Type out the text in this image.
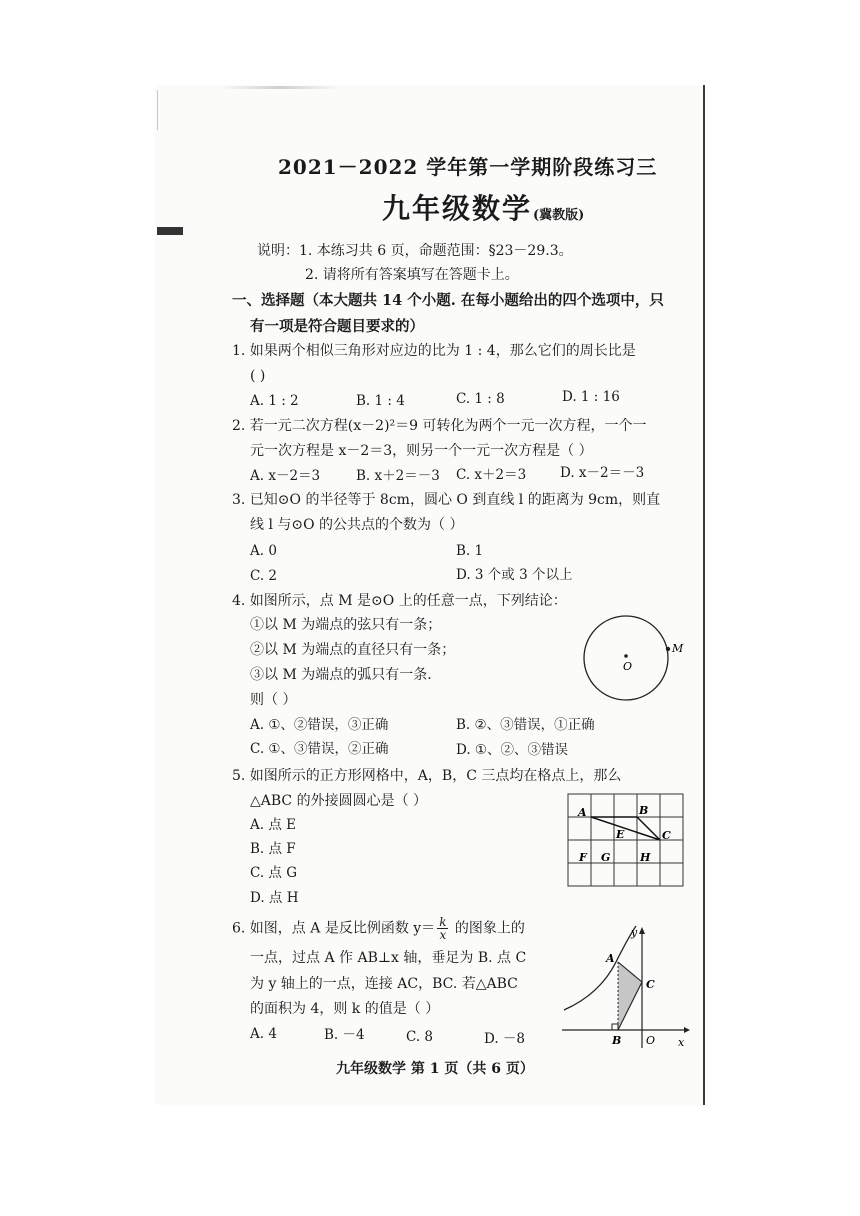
2021－2022 学年第一学期阶段练习三
九年级数学 (冀教版)
说明：1. 本练习共 6 页，命题范围：§23－29.3。
2. 请将所有答案填写在答题卡上。
一、选择题（本大题共 14 个小题. 在每小题给出的四个选项中，只
有一项是符合题目要求的）
1. 如果两个相似三角形对应边的比为 1 : 4，那么它们的周长比是
( )
A. 1 : 2	B. 1 : 4	C. 1 : 8	D. 1 : 16
2. 若一元二次方程(x－2)²＝9 可转化为两个一元一次方程，一个一
元一次方程是 x－2＝3，则另一个一元一次方程是（ ）
A. x－2＝3	B. x＋2＝－3 C. x＋2＝3	D. x－2＝－3
3. 已知⊙O 的半径等于 8cm，圆心 O 到直线 l 的距离为 9cm，则直
线 l 与⊙O 的公共点的个数为（ ）
A. 0	B. 1
C. 2	D. 3 个或 3 个以上
4. 如图所示，点 M 是⊙O 上的任意一点，下列结论：
①以 M 为端点的弦只有一条；
②以 M 为端点的直径只有一条；
③以 M 为端点的弧只有一条.
则（ ）
A. ①、②错误，③正确	B. ②、③错误，①正确
C. ①、③错误，②正确	D. ①、②、③错误
O
M
5. 如图所示的正方形网格中，A，B，C 三点均在格点上，那么
△ABC 的外接圆圆心是（ ）
A. 点 E
B. 点 F
C. 点 G
D. 点 H
A	B
C
E
F G	H
6. 如图，点 A 是反比例函数 $y= \frac{k}{x}$ 的图象上的
一点，过点 A 作 AB⊥x 轴，垂足为 B. 点 C
为 y 轴上的一点，连接 AC，BC. 若△ABC
的面积为 4，则 k 的值是（ ）
A. 4	B. －4	C. 8	D. －8
A
C
B O x
y
九年级数学 第 1 页（共 6 页）
